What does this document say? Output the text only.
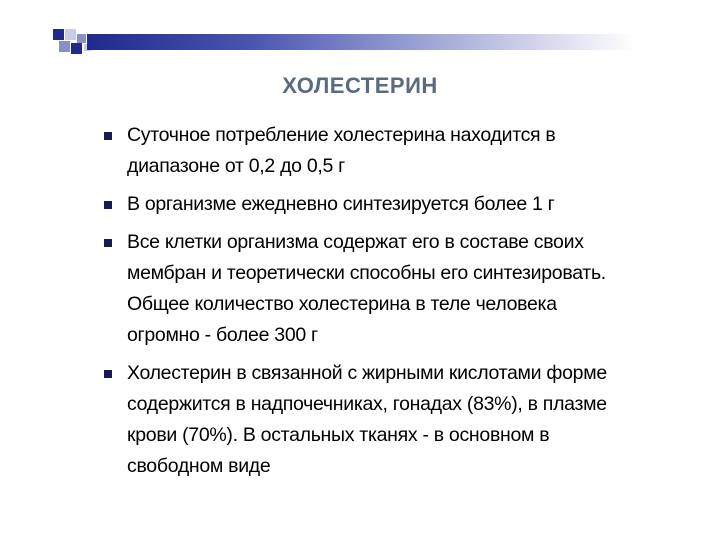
ХОЛЕСТЕРИН
Суточное потребление холестерина находится в диапазоне от 0,2 до 0,5 г
В организме ежедневно синтезируется более 1 г
Все клетки организма содержат его в составе своих мембран и теоретически способны его синтезировать. Общее количество холестерина в теле человека огромно - более 300 г
Холестерин в связанной с жирными кислотами форме содержится в надпочечниках, гонадах (83%), в плазме крови (70%). В остальных тканях - в основном в свободном виде
